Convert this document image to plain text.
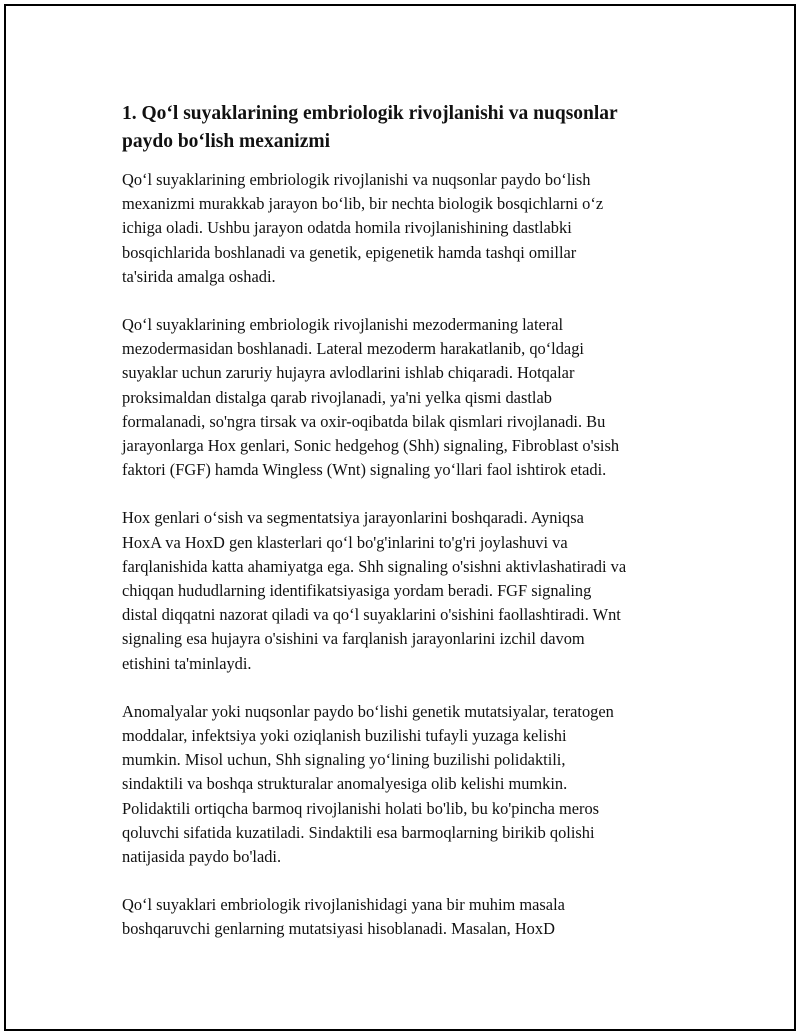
1. Qo‘l suyaklarining embriologik rivojlanishi va nuqsonlar
paydo bo‘lish mexanizmi

Qo‘l suyaklarining embriologik rivojlanishi va nuqsonlar paydo bo‘lish
mexanizmi murakkab jarayon bo‘lib, bir nechta biologik bosqichlarni o‘z
ichiga oladi. Ushbu jarayon odatda homila rivojlanishining dastlabki
bosqichlarida boshlanadi va genetik, epigenetik hamda tashqi omillar
ta'sirida amalga oshadi.

Qo‘l suyaklarining embriologik rivojlanishi mezodermaning lateral
mezodermasidan boshlanadi. Lateral mezoderm harakatlanib, qo‘ldagi
suyaklar uchun zaruriy hujayra avlodlarini ishlab chiqaradi. Hotqalar
proksimaldan distalga qarab rivojlanadi, ya'ni yelka qismi dastlab
formalanadi, so'ngra tirsak va oxir-oqibatda bilak qismlari rivojlanadi. Bu
jarayonlarga Hox genlari, Sonic hedgehog (Shh) signaling, Fibroblast o'sish
faktori (FGF) hamda Wingless (Wnt) signaling yo‘llari faol ishtirok etadi.

Hox genlari o‘sish va segmentatsiya jarayonlarini boshqaradi. Ayniqsa
HoxA va HoxD gen klasterlari qo‘l bo'g'inlarini to'g'ri joylashuvi va
farqlanishida katta ahamiyatga ega. Shh signaling o'sishni aktivlashatiradi va
chiqqan hududlarning identifikatsiyasiga yordam beradi. FGF signaling
distal diqqatni nazorat qiladi va qo‘l suyaklarini o'sishini faollashtiradi. Wnt
signaling esa hujayra o'sishini va farqlanish jarayonlarini izchil davom
etishini ta'minlaydi.

Anomalyalar yoki nuqsonlar paydo bo‘lishi genetik mutatsiyalar, teratogen
moddalar, infektsiya yoki oziqlanish buzilishi tufayli yuzaga kelishi
mumkin. Misol uchun, Shh signaling yo‘lining buzilishi polidaktili,
sindaktili va boshqa strukturalar anomalyesiga olib kelishi mumkin.
Polidaktili ortiqcha barmoq rivojlanishi holati bo'lib, bu ko'pincha meros
qoluvchi sifatida kuzatiladi. Sindaktili esa barmoqlarning birikib qolishi
natijasida paydo bo'ladi.

Qo‘l suyaklari embriologik rivojlanishidagi yana bir muhim masala
boshqaruvchi genlarning mutatsiyasi hisoblanadi. Masalan, HoxD
